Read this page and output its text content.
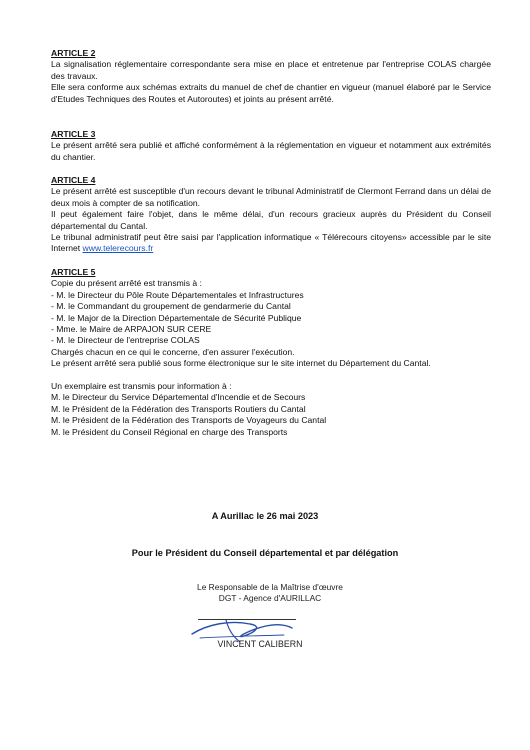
ARTICLE 2
La signalisation réglementaire correspondante sera mise en place et entretenue par l'entreprise COLAS chargée des travaux.
Elle sera conforme aux schémas extraits du manuel de chef de chantier en vigueur (manuel élaboré par le Service d'Etudes Techniques des Routes et Autoroutes) et joints au présent arrêté.
ARTICLE 3
Le présent arrêté sera publié et affiché conformément à la réglementation en vigueur et notamment aux extrémités du chantier.
ARTICLE 4
Le présent arrêté est susceptible d'un recours devant le tribunal Administratif de Clermont Ferrand dans un délai de deux mois à compter de sa notification.
Il peut également faire l'objet, dans le même délai, d'un recours gracieux auprès du Président du Conseil départemental du Cantal.
Le tribunal administratif peut être saisi par l'application informatique « Télérecours citoyens» accessible par le site Internet www.telerecours.fr
ARTICLE 5
Copie du présent arrêté est transmis à :
- M. le Directeur du Pôle Route Départementales et Infrastructures
- M. le Commandant du groupement de gendarmerie du Cantal
- M. le Major de la Direction Départementale de Sécurité Publique
- Mme. le Maire de ARPAJON SUR CERE
- M. le Directeur de l'entreprise COLAS
Chargés chacun en ce qui le concerne, d'en assurer l'exécution.
Le présent arrêté sera publié sous forme électronique sur le site internet du Département du Cantal.
Un exemplaire est transmis pour information à :
M. le Directeur du Service Départemental d'Incendie et de Secours
M. le Président de la Fédération des Transports Routiers du Cantal
M. le Président de la Fédération des Transports de Voyageurs du Cantal
M. le Président du Conseil Régional en charge des Transports
A Aurillac le 26 mai 2023
Pour le Président du Conseil départemental et par délégation
Le Responsable de la Maîtrise d'œuvre
DGT - Agence d'AURILLAC
VINCENT CALIBERN
